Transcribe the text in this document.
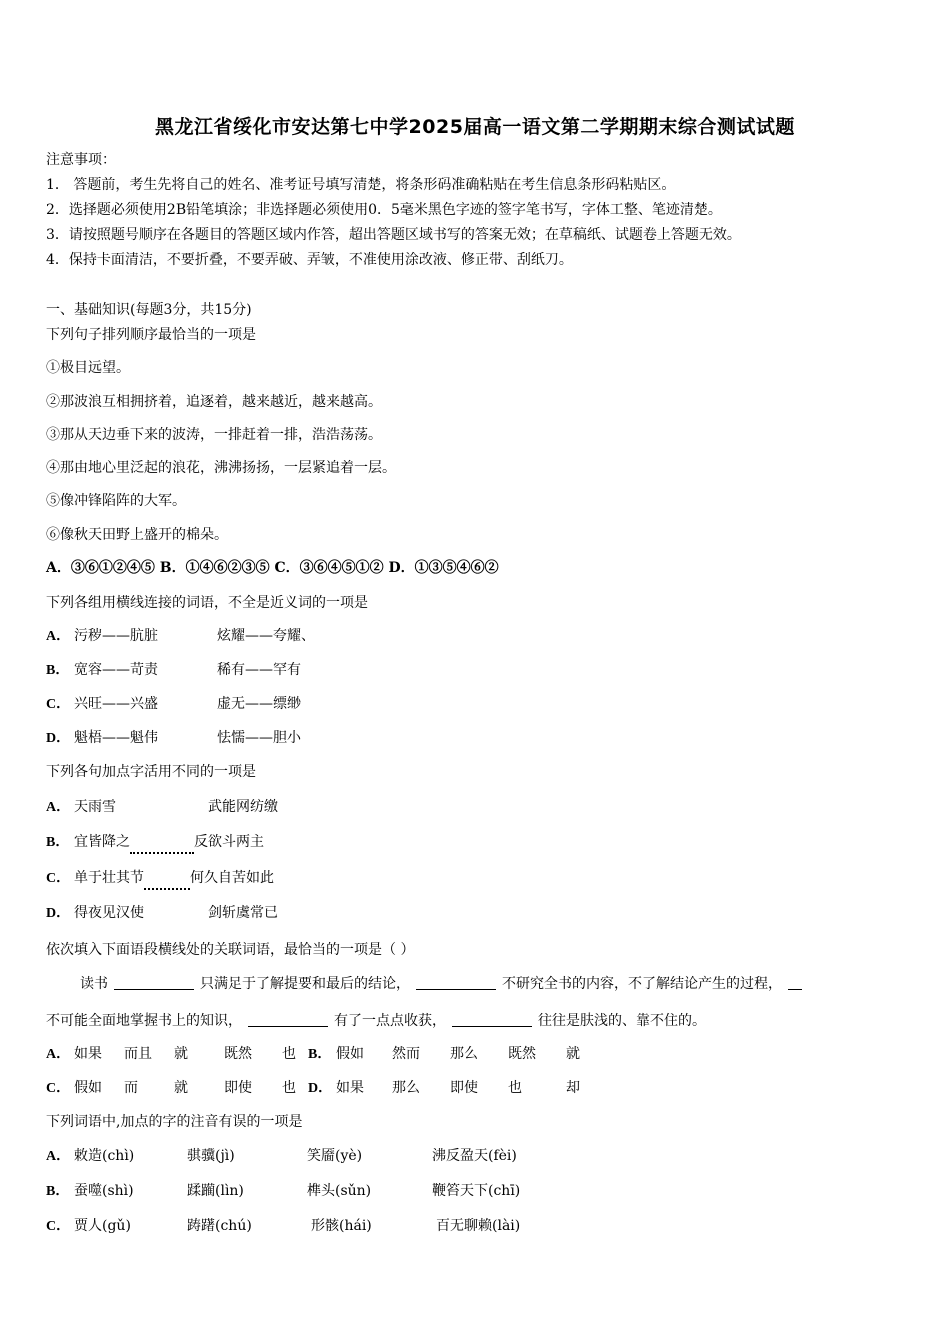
黑龙江省绥化市安达第七中学2025届高一语文第二学期期末综合测试试题
注意事项：
1． 答题前，考生先将自己的姓名、准考证号填写清楚，将条形码准确粘贴在考生信息条形码粘贴区。
2．选择题必须使用2B铅笔填涂；非选择题必须使用0．5毫米黑色字迹的签字笔书写，字体工整、笔迹清楚。
3．请按照题号顺序在各题目的答题区域内作答，超出答题区域书写的答案无效；在草稿纸、试题卷上答题无效。
4．保持卡面清洁，不要折叠，不要弄破、弄皱，不准使用涂改液、修正带、刮纸刀。
一、基础知识(每题3分，共15分)
下列句子排列顺序最恰当的一项是
①极目远望。
②那波浪互相拥挤着，追逐着，越来越近，越来越高。
③那从天边垂下来的波涛，一排赶着一排，浩浩荡荡。
④那由地心里泛起的浪花，沸沸扬扬，一层紧追着一层。
⑤像冲锋陷阵的大军。
⑥像秋天田野上盛开的棉朵。
A．③⑥①②④⑤ B．①④⑥②③⑤ C．③⑥④⑤①② D．①③⑤④⑥②
下列各组用横线连接的词语，不全是近义词的一项是
A． 污秽——肮脏	炫耀——夸耀、
B． 宽容——苛责	稀有——罕有
C． 兴旺——兴盛	虚无——缥缈
D． 魁梧——魁伟	怯懦——胆小
下列各句加点字活用不同的一项是
A． 天雨雪	武能网纺缴
B． 宜皆降之	反欲斗两主
C． 单于壮其节	何久自苦如此
D． 得夜见汉使	剑斩虞常已
依次填入下面语段横线处的关联词语，最恰当的一项是（ ）
读书	只满足于了解提要和最后的结论，	不研究全书的内容，不了解结论产生的过程，
不可能全面地掌握书上的知识，	有了一点点收获，	往往是肤浅的、靠不住的。
A． 如果 而且 就	既然 也 B． 假如 然而 那么 既然 就
C． 假如 而	就	即使 也 D． 如果 那么 即使 也	却
下列词语中,加点的字的注音有误的一项是
A． 敕造(chì)	骐骥(jì)	笑靥(yè)	沸反盈天(fèi)
B． 蚕噬(shì)	蹂躏(lìn)	榫头(sǔn)	鞭笞天下(chī)
C． 贾人(gǔ)	踌躇(chú)	形骸(hái)	百无聊赖(lài)
